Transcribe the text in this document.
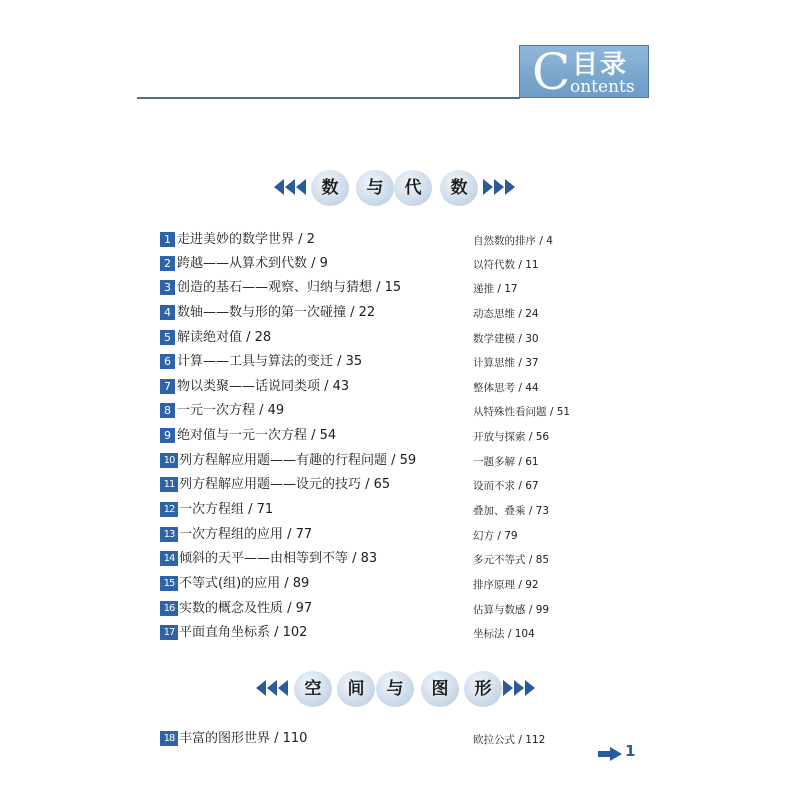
C 目录
ontents
数	与	代	数
1 走进美妙的数学世界 / 2	自然数的排序 / 4
2 跨越——从算术到代数 / 9	以符代数 / 11
3 创造的基石——观察、归纳与猜想 / 15	递推 / 17
4 数轴——数与形的第一次碰撞 / 22	动态思维 / 24
5 解读绝对值 / 28	数学建模 / 30
6 计算——工具与算法的变迁 / 35	计算思维 / 37
7 物以类聚——话说同类项 / 43	整体思考 / 44
8 一元一次方程 / 49	从特殊性看问题 / 51
9 绝对值与一元一次方程 / 54	开放与探索 / 56
10 列方程解应用题——有趣的行程问题 / 59	一题多解 / 61
11 列方程解应用题——设元的技巧 / 65	设而不求 / 67
12 一次方程组 / 71	叠加、叠乘 / 73
13 一次方程组的应用 / 77	幻方 / 79
14 倾斜的天平——由相等到不等 / 83	多元不等式 / 85
15 不等式(组)的应用 / 89	排序原理 / 92
16 实数的概念及性质 / 97	估算与数感 / 99
17 平面直角坐标系 / 102	坐标法 / 104
空	间	与	图	形
18 丰富的图形世界 / 110	欧拉公式 / 112
1
